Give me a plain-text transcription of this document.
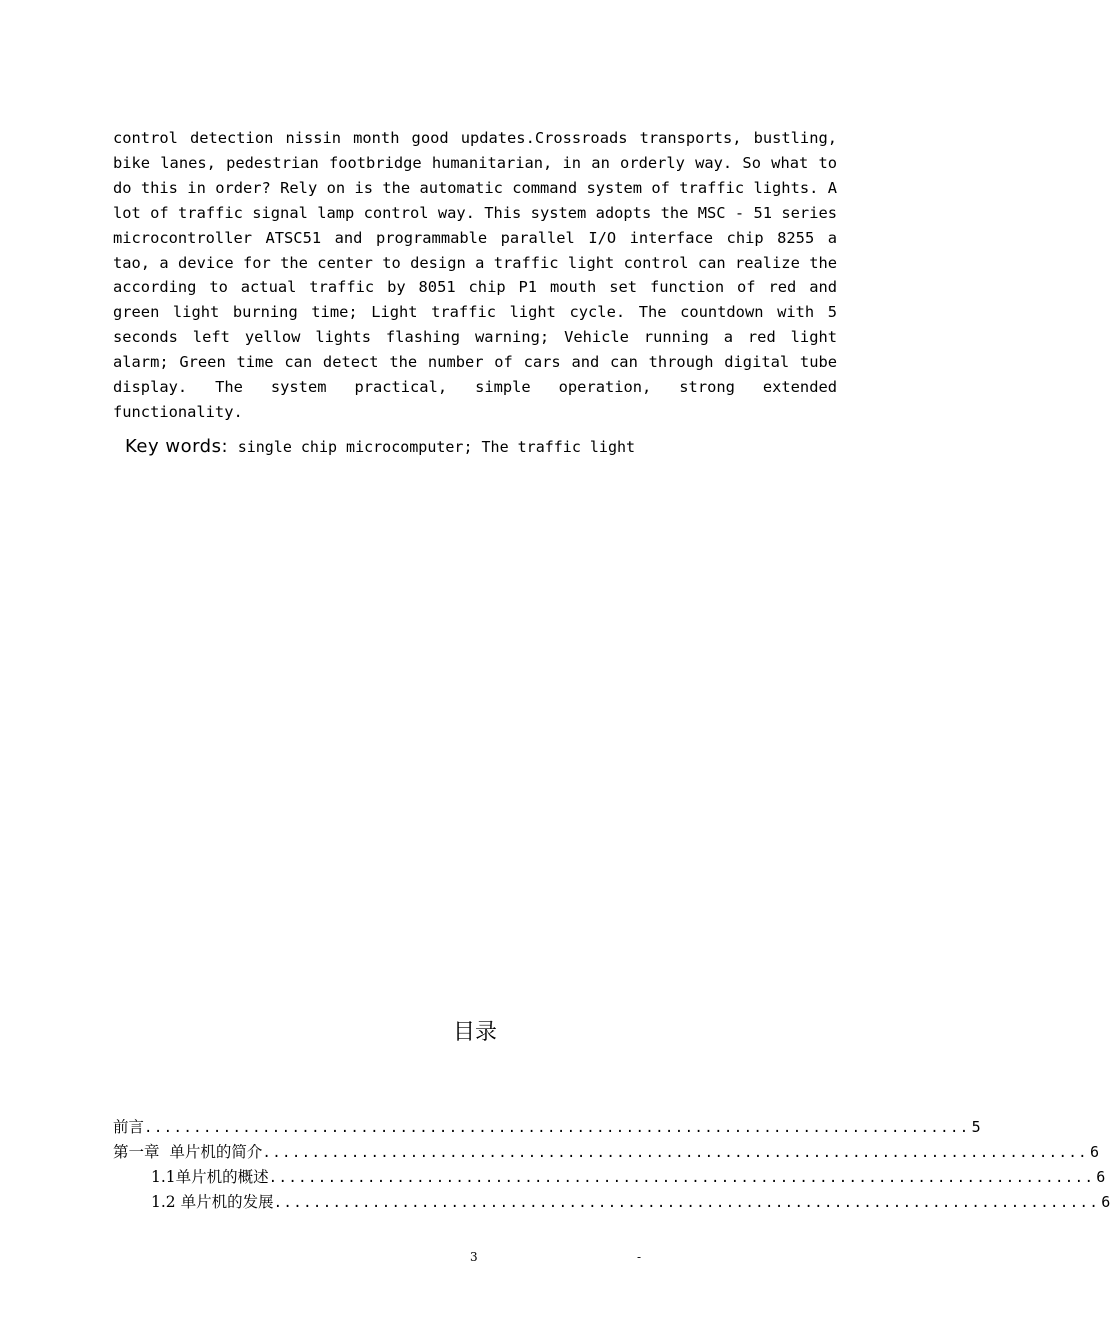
control detection nissin month good updates.Crossroads transports, bustling, bike lanes, pedestrian footbridge humanitarian, in an orderly way. So what to do this in order? Rely on is the automatic command system of traffic lights. A lot of traffic signal lamp control way. This system adopts the MSC - 51 series microcontroller ATSC51 and programmable parallel I/O interface chip 8255 a tao, a device for the center to design a traffic light control can realize the according to actual traffic by 8051 chip P1 mouth set function of red and green light burning time; Light traffic light cycle. The countdown with 5 seconds left yellow lights flashing warning; Vehicle running a red light alarm; Green time can detect the number of cars and can through digital tube display. The system practical, simple operation, strong extended functionality.

Key words: single chip microcomputer; The traffic light
目录
前言 .................................................................................... 5
第一章  单片机的简介 .................................................................................... 6
1.1单片机的概述 .................................................................................... 6
1.2 单片机的发展 .................................................................................... 6
3	-
